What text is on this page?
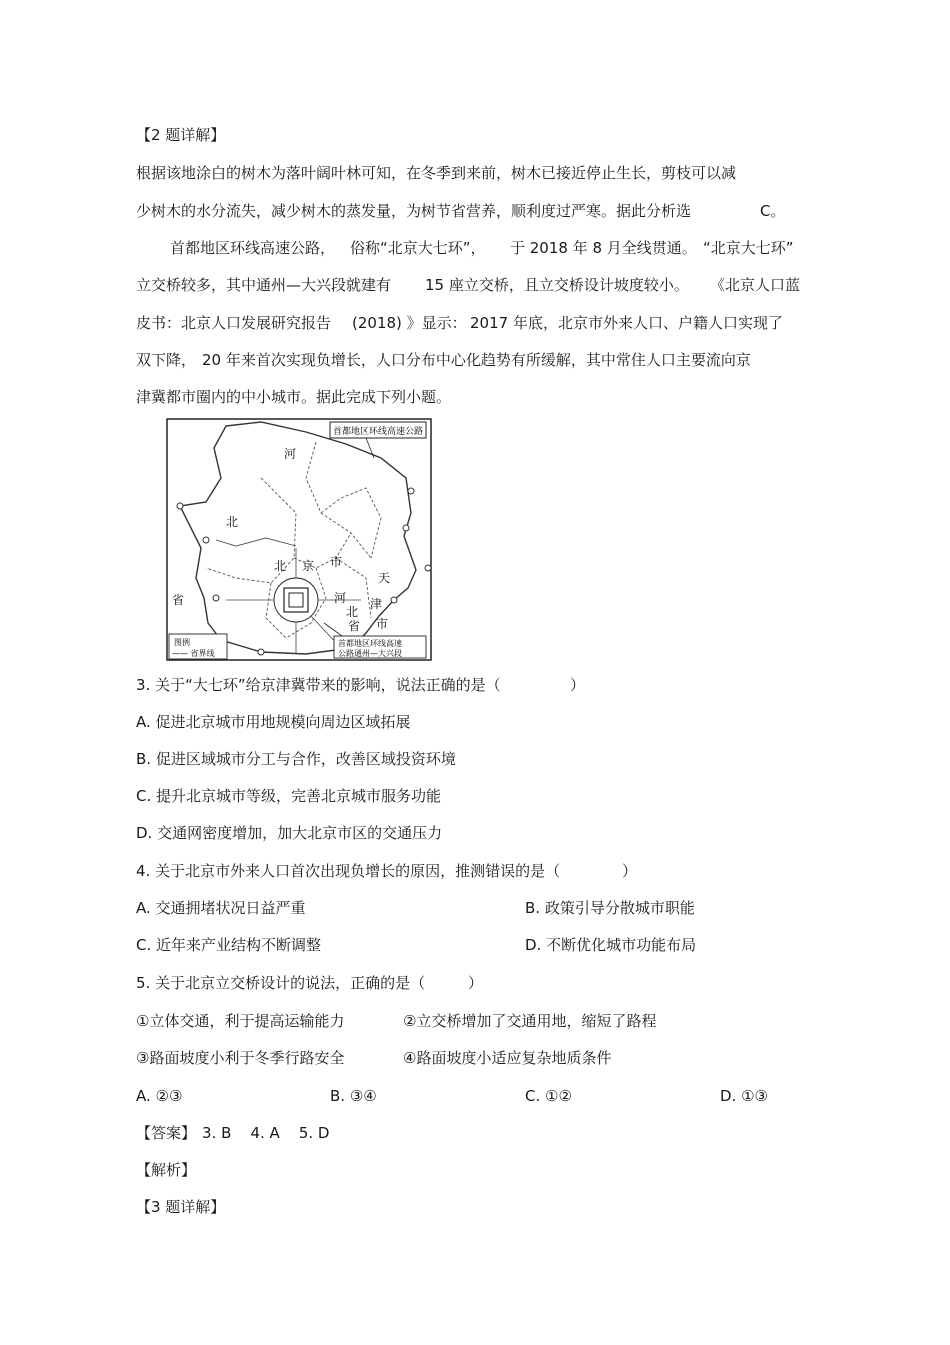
【2 题详解】
根据该地涂白的树木为落叶阔叶林可知，在冬季到来前，树木已接近停止生长，剪枝可以减
少树木的水分流失，减少树木的蒸发量，为树节省营养，顺利度过严寒。据此分析选	C。
首都地区环线高速公路， 俗称“北京大七环”， 于 2018 年 8 月全线贯通。 “北京大七环”
立交桥较多，其中通州—大兴段就建有 15 座立交桥，且立交桥设计坡度较小。 《北京人口蓝
皮书：北京人口发展研究报告 (2018) 》显示： 2017 年底，北京市外来人口、户籍人口实现了
双下降， 20 年来首次实现负增长，人口分布中心化趋势有所缓解，其中常住人口主要流向京
津冀都市圈内的中小城市。据此完成下列小题。
首都地区环线高速公路
河
北
省
北 京 市
天
津
市
河
北
省
首都地区环线高速
公路通州—大兴段
图例
—— 省界线
3. 关于“大七环”给京津冀带来的影响，说法正确的是（	）
A. 促进北京城市用地规模向周边区域拓展
B. 促进区域城市分工与合作，改善区域投资环境
C. 提升北京城市等级，完善北京城市服务功能
D. 交通网密度增加，加大北京市区的交通压力
4. 关于北京市外来人口首次出现负增长的原因，推测错误的是（	）
A. 交通拥堵状况日益严重	B. 政策引导分散城市职能
C. 近年来产业结构不断调整	D. 不断优化城市功能布局
5. 关于北京立交桥设计的说法，正确的是（	）
①立体交通，利于提高运输能力	②立交桥增加了交通用地，缩短了路程
③路面坡度小利于冬季行路安全	④路面坡度小适应复杂地质条件
A. ②③	B. ③④	C. ①②	D. ①③
【答案】 3. B    4. A    5. D
【解析】
【3 题详解】
